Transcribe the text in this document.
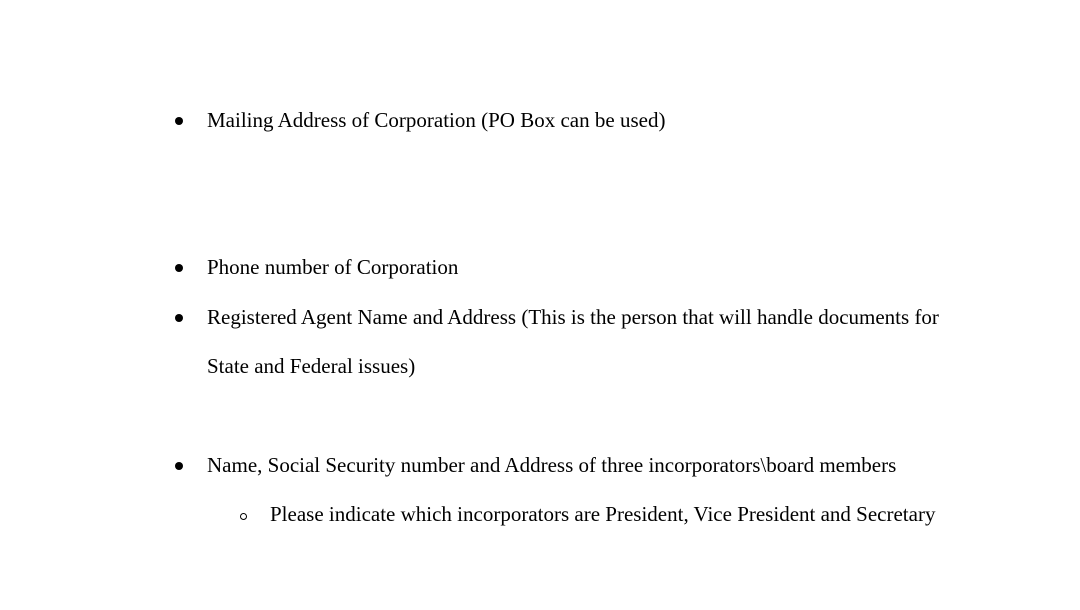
Mailing Address of Corporation (PO Box can be used)
Phone number of Corporation
Registered Agent Name and Address (This is the person that will handle documents for
State and Federal issues)
Name, Social Security number and Address of three incorporators\board members
Please indicate which incorporators are President, Vice President and Secretary
